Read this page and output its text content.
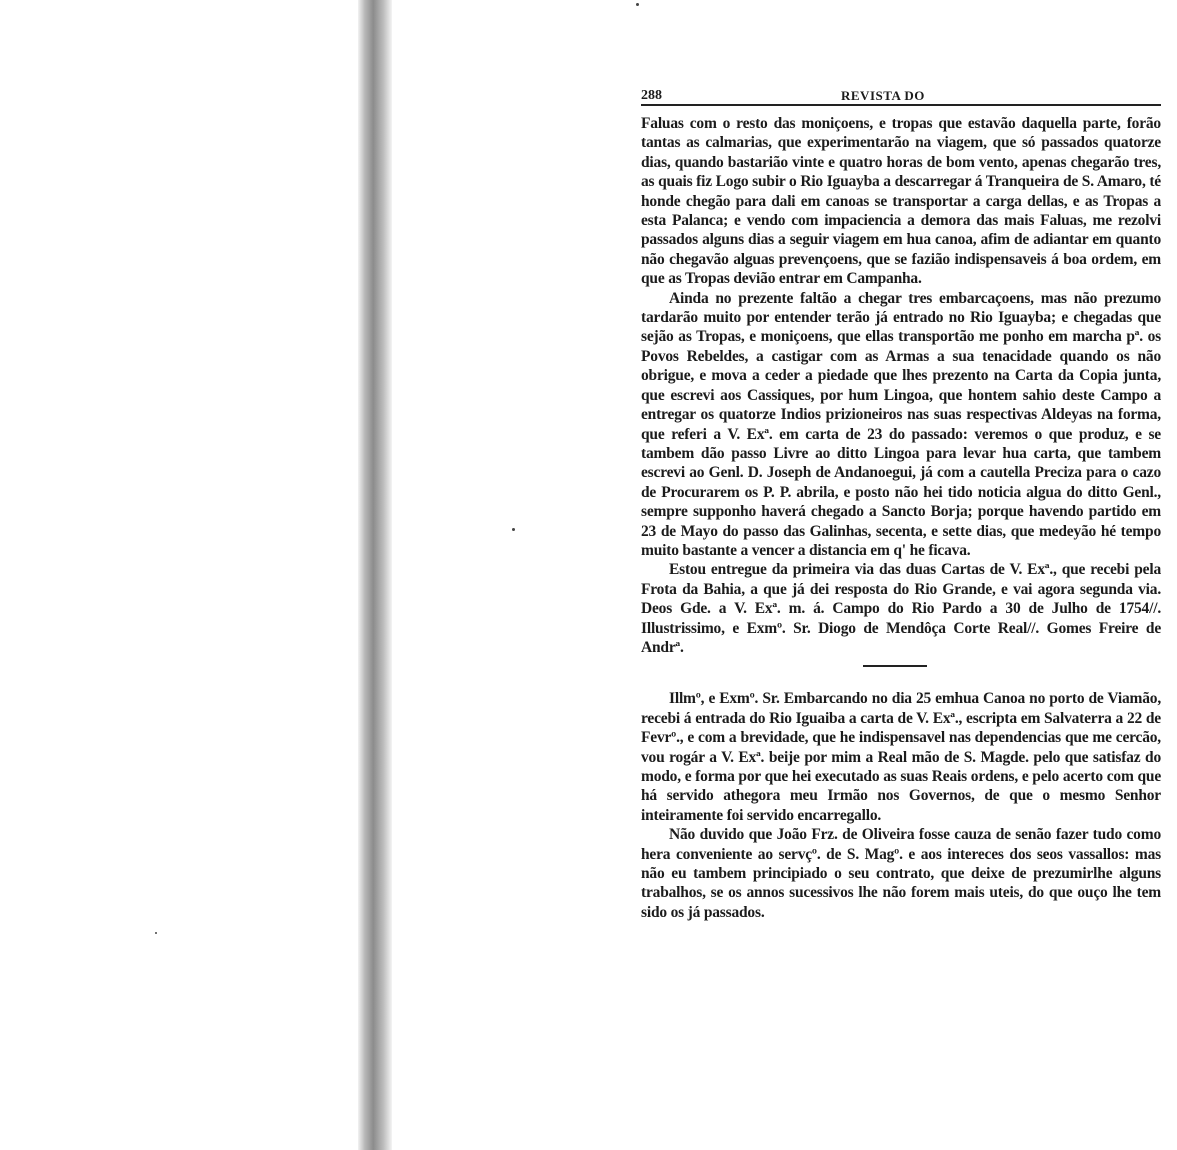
288	REVISTA DO

Faluas com o resto das moniçoens, e tropas que estavão daquella parte, forão tantas as calmarias, que experimentarão na viagem, que só passados quatorze dias, quando bastarião vinte e quatro horas de bom vento, apenas chegarão tres, as quais fiz Logo subir o Rio Iguayba a descarregar á Tranqueira de S. Amaro, té honde chegão para dali em canoas se transportar a carga dellas, e as Tropas a esta Palanca; e vendo com impaciencia a demora das mais Faluas, me rezolvi passados alguns dias a seguir viagem em hua canoa, afim de adiantar em quanto não chegavão alguas prevençoens, que se fazião indispensaveis á boa ordem, em que as Tropas devião entrar em Campanha.

Ainda no prezente faltão a chegar tres embarcaçoens, mas não prezumo tardarão muito por entender terão já entrado no Rio Iguayba; e chegadas que sejão as Tropas, e moniçoens, que ellas transportão me ponho em marcha pª. os Povos Rebeldes, a castigar com as Armas a sua tenacidade quando os não obrigue, e mova a ceder a piedade que lhes prezento na Carta da Copia junta, que escrevi aos Cassiques, por hum Lingoa, que hontem sahio deste Campo a entregar os quatorze Indios prizioneiros nas suas respectivas Aldeyas na forma, que referi a V. Exª. em carta de 23 do passado: veremos o que produz, e se tambem dão passo Livre ao ditto Lingoa para levar hua carta, que tambem escrevi ao Genl. D. Joseph de Andanoegui, já com a cautella Preciza para o cazo de Procurarem os P. P. abrila, e posto não hei tido noticia algua do ditto Genl., sempre supponho haverá chegado a Sancto Borja; porque havendo partido em 23 de Mayo do passo das Galinhas, secenta, e sette dias, que medeyão hé tempo muito bastante a vencer a distancia em q' he ficava.

Estou entregue da primeira via das duas Cartas de V. Exª., que recebi pela Frota da Bahia, a que já dei resposta do Rio Grande, e vai agora segunda via. Deos Gde. a V. Exª. m. á. Campo do Rio Pardo a 30 de Julho de 1754//. Illustrissimo, e Exmº. Sr. Diogo de Mendôça Corte Real//. Gomes Freire de Andrª.

Illmº, e Exmº. Sr. Embarcando no dia 25 emhua Canoa no porto de Viamão, recebi á entrada do Rio Iguaiba a carta de V. Exª., escripta em Salvaterra a 22 de Fevrº., e com a brevidade, que he indispensavel nas dependencias que me cercão, vou rogár a V. Exª. beije por mim a Real mão de S. Magde. pelo que satisfaz do modo, e forma por que hei executado as suas Reais ordens, e pelo acerto com que há servido athegora meu Irmão nos Governos, de que o mesmo Senhor inteiramente foi servido encarregallo.

Não duvido que João Frz. de Oliveira fosse cauza de senão fazer tudo como hera conveniente ao servçº. de S. Magº. e aos intereces dos seos vassallos: mas não eu tambem principiado o seu contrato, que deixe de prezumirlhe alguns trabalhos, se os annos sucessivos lhe não forem mais uteis, do que ouço lhe tem sido os já passados.
